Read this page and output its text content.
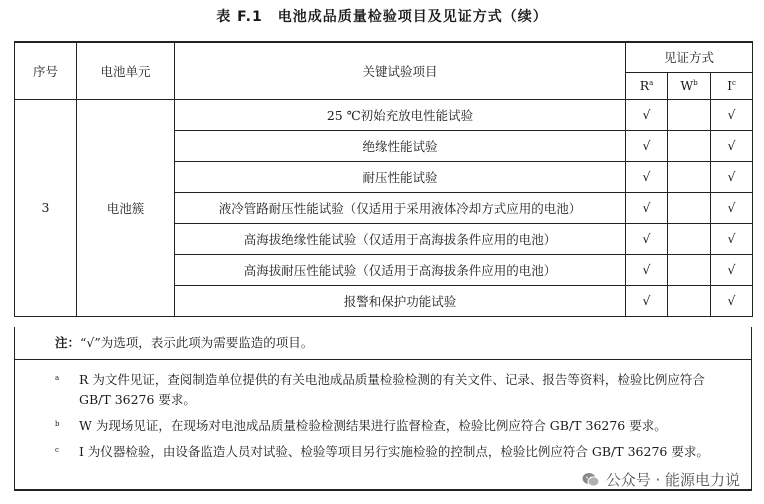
表 F.1　电池成品质量检验项目及见证方式（续）
序号	电池单元	关键试验项目	见证方式		
			$R^a$	$W^b$	$I^c$
3	电池簇	25 ℃初始充放电性能试验	√		√
		绝缘性能试验	√		√
		耐压性能试验	√		√
		液冷管路耐压性能试验（仅适用于采用液体冷却方式应用的电池）	√		√
		高海拔绝缘性能试验（仅适用于高海拔条件应用的电池）	√		√
		高海拔耐压性能试验（仅适用于高海拔条件应用的电池）	√		√
		报警和保护功能试验	√		√
注：“√”为选项，表示此项为需要监造的项目。
a R 为文件见证，查阅制造单位提供的有关电池成品质量检验检测的有关文件、记录、报告等资料，检验比例应符合 GB/T 36276 要求。
b W 为现场见证，在现场对电池成品质量检验检测结果进行监督检查，检验比例应符合 GB/T 36276 要求。
c I 为仪器检验，由设备监造人员对试验、检验等项目另行实施检验的控制点，检验比例应符合 GB/T 36276 要求。
公众号 · 能源电力说
